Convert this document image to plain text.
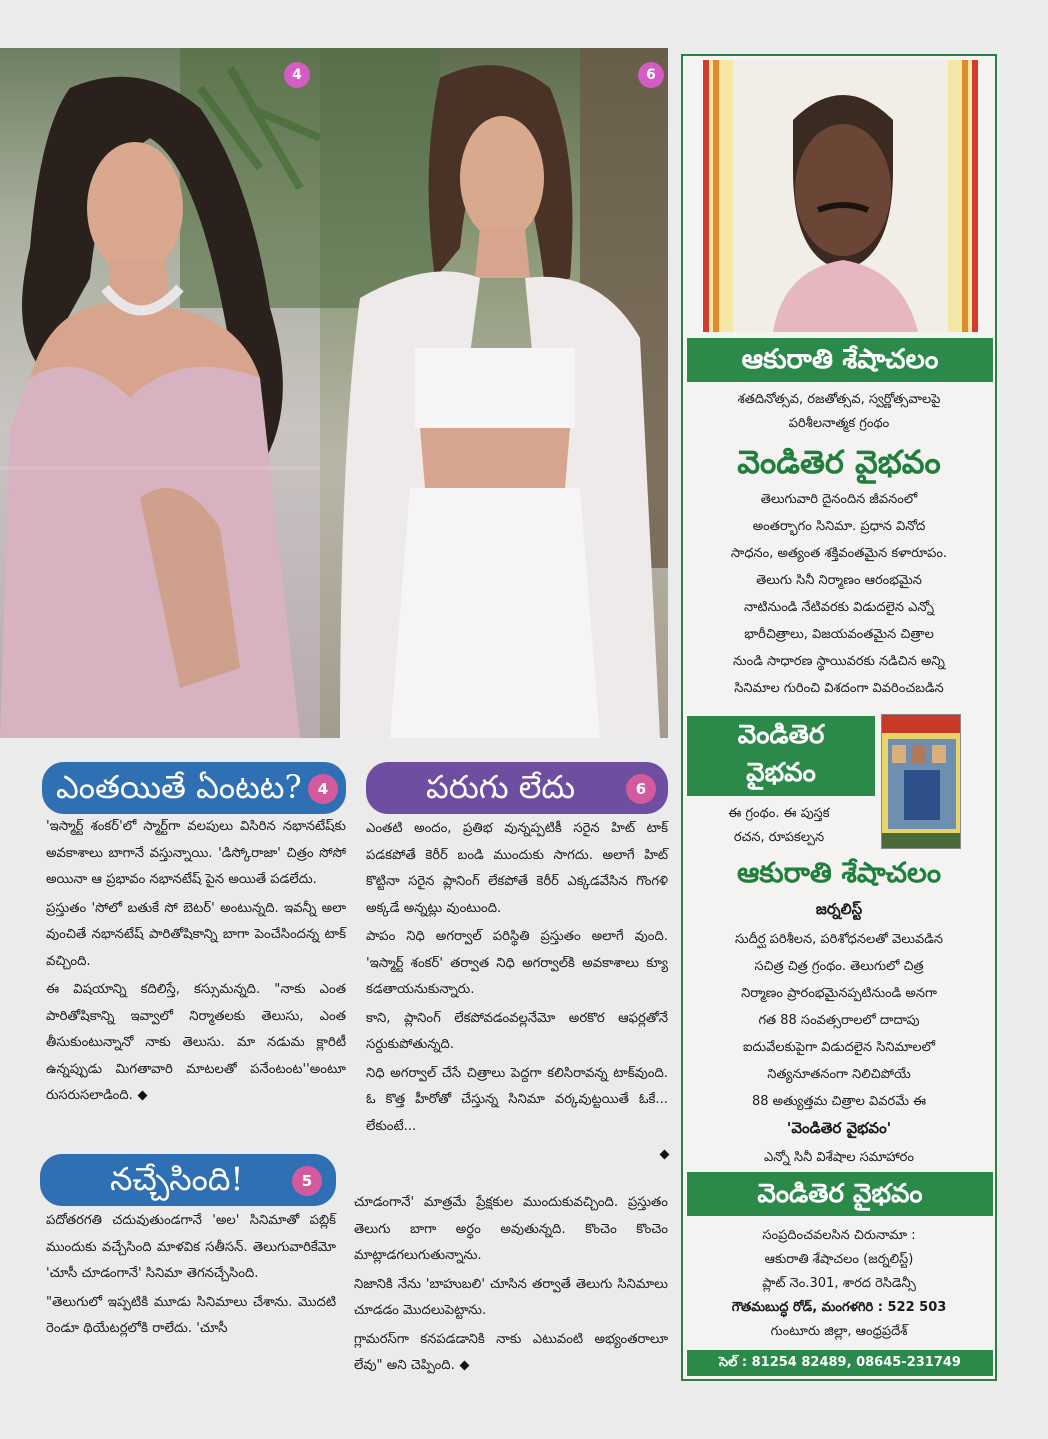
4	6
ఎంతయితే ఏంటట?	4

'ఇస్మార్ట్ శంకర్'లో స్మార్ట్‌గా వలపులు విసిరిన నభానటేష్‌కు అవకాశాలు బాగానే వస్తున్నాయి. 'డిస్కోరాజా' చిత్రం సోసో అయినా ఆ ప్రభావం నభానటేష్ పైన అయితే పడలేదు.

ప్రస్తుతం 'సోలో బతుకే సో బెటర్' అంటున్నది. ఇవన్నీ అలా వుంచితే నభానటేష్ పారితోషికాన్ని బాగా పెంచేసిందన్న టాక్ వచ్చింది.

ఈ విషయాన్ని కదిలిస్తే, కస్సుమన్నది. "నాకు ఎంత పారితోషికాన్ని ఇవ్వాలో నిర్మాతలకు తెలుసు, ఎంత తీసుకుంటున్నానో నాకు తెలుసు. మా నడుమ క్లారిటీ ఉన్నప్పుడు మిగతావారి మాటలతో పనేంటంట''అంటూ రుసరుసలాడింది.

పరుగు లేదు	6

ఎంతటి అందం, ప్రతిభ వున్నప్పటికీ సరైన హిట్ టాక్ పడకపోతే కెరీర్ బండి ముందుకు సాగదు. అలాగే హిట్ కొట్టినా సరైన ప్లానింగ్ లేకపోతే కెరీర్ ఎక్కడవేసిన గొంగళి అక్కడే అన్నట్లు వుంటుంది.

పాపం నిధి అగర్వాల్ పరిస్థితి ప్రస్తుతం అలాగే వుంది. 'ఇస్మార్ట్ శంకర్' తర్వాత నిధి అగర్వాల్‌కి అవకాశాలు క్యూ కడతాయనుకున్నారు.

కాని, ప్లానింగ్ లేకపోవడంవల్లనేమో అరకొర ఆఫర్లతోనే సర్దుకుపోతున్నది.

నిధి అగర్వాల్ చేసే చిత్రాలు పెద్దగా కలిసిరావన్న టాక్‌వుంది. ఓ కొత్త హీరోతో చేస్తున్న సినిమా వర్కవుట్టయితే ఓకే... లేకుంటే...

నచ్చేసింది!	5

పదోతరగతి చదువుతుండగానే 'అల' సినిమాతో పబ్లిక్ ముందుకు వచ్చేసింది మాళవిక సతీసన్. తెలుగువారికేమో 'చూసీ చూడంగానే' సినిమా తెగనచ్చేసింది.

"తెలుగులో ఇప్పటికి మూడు సినిమాలు చేశాను. మొదటి రెండూ థియేటర్లలోకి రాలేదు. 'చూసీ

చూడంగానే' మాత్రమే ప్రేక్షకుల ముందుకువచ్చింది. ప్రస్తుతం తెలుగు బాగా అర్థం అవుతున్నది. కొంచెం కొంచెం మాట్లాడగలుగుతున్నాను.

నిజానికి నేను 'బాహుబలి' చూసిన తర్వాతే తెలుగు సినిమాలు చూడడం మొదలుపెట్టాను.

గ్లామరస్‌గా కనపడడానికి నాకు ఎటువంటి అభ్యంతరాలూ లేవు" అని చెప్పింది.

ఆకురాతి శేషాచలం
శతదినోత్సవ, రజతోత్సవ, స్వర్ణోత్సవాలపై
పరిశీలనాత్మక గ్రంథం
వెండితెర వైభవం
తెలుగువారి దైనందిన జీవనంలో
అంతర్భాగం సినిమా. ప్రధాన వినోద
సాధనం, అత్యంత శక్తివంతమైన కళారూపం.
తెలుగు సినీ నిర్మాణం ఆరంభమైన
నాటినుండి నేటివరకు విడుదలైన ఎన్నో
భారీచిత్రాలు, విజయవంతమైన చిత్రాల
నుండి సాధారణ స్థాయివరకు నడిచిన అన్ని
సినిమాల గురించి విశదంగా వివరించబడిన
వెండితెర
వైభవం
ఈ గ్రంథం. ఈ పుస్తక
రచన, రూపకల్పన
ఆకురాతి శేషాచలం
జర్నలిస్ట్
సుదీర్ఘ పరిశీలన, పరిశోధనలతో వెలువడిన
సచిత్ర చిత్ర గ్రంథం. తెలుగులో చిత్ర
నిర్మాణం ప్రారంభమైనప్పటినుండి అనగా
గత 88 సంవత్సరాలలో దాదాపు
ఐదువేలకుపైగా విడుదలైన సినిమాలలో
నిత్యనూతనంగా నిలిచిపోయే
88 అత్యుత్తమ చిత్రాల వివరమే ఈ
'వెండితెర వైభవం'
ఎన్నో సినీ విశేషాల సమాహారం
వెండితెర వైభవం
సంప్రదించవలసిన చిరునామా :
ఆకురాతి శేషాచలం (జర్నలిస్ట్)
ప్లాట్ నెం.301, శారద రెసిడెన్సీ
గౌతమబుద్ధ రోడ్, మంగళగిరి : 522 503
గుంటూరు జిల్లా, ఆంధ్రప్రదేశ్
సెల్ : 81254 82489, 08645-231749
